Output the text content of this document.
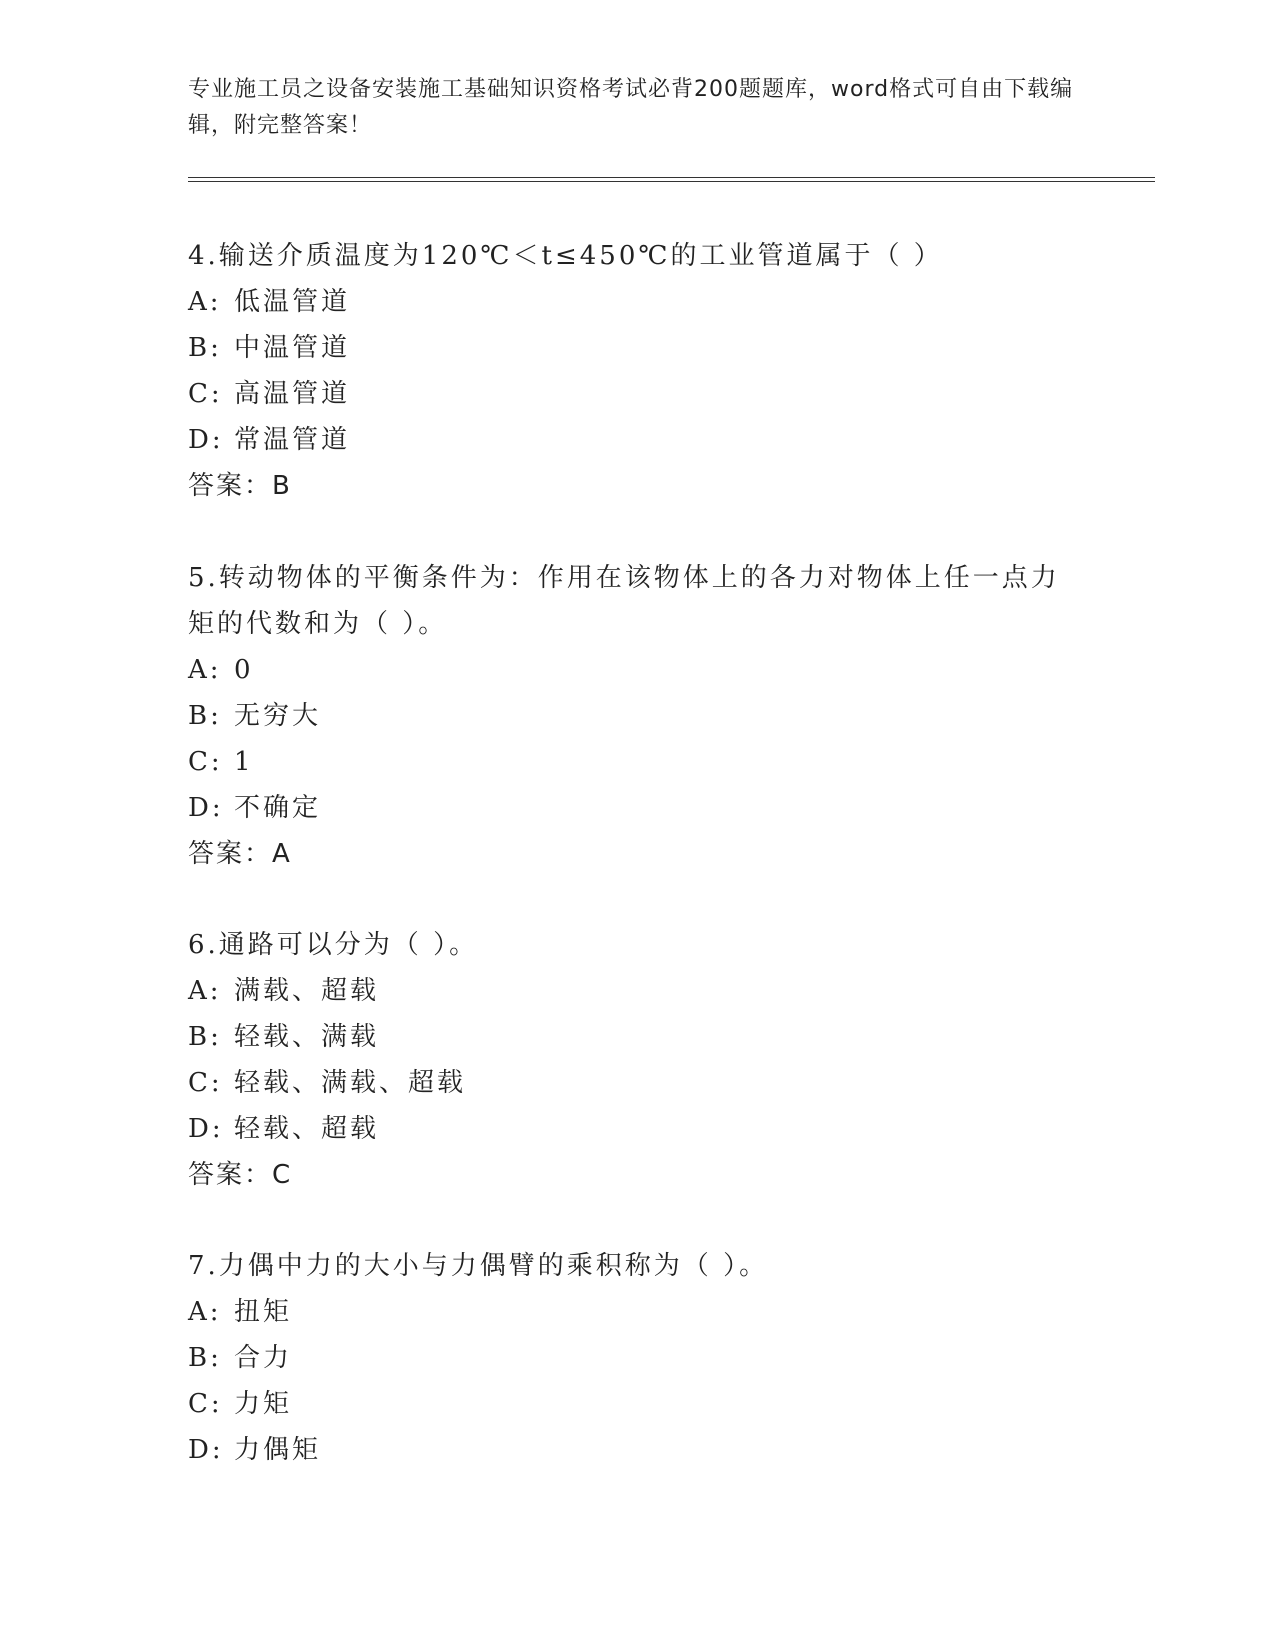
专业施工员之设备安装施工基础知识资格考试必背200题题库，word格式可自由下载编辑，附完整答案！

4.输送介质温度为120℃＜t≤450℃的工业管道属于（ ）

A: 低温管道
B: 中温管道
C: 高温管道
D: 常温管道

答案：B

5.转动物体的平衡条件为：作用在该物体上的各力对物体上任一点力矩的代数和为（ ）。

A: 0
B: 无穷大
C: 1
D: 不确定

答案：A

6.通路可以分为（ ）。

A: 满载、超载
B: 轻载、满载
C: 轻载、满载、超载
D: 轻载、超载

答案：C

7.力偶中力的大小与力偶臂的乘积称为（ ）。

A: 扭矩
B: 合力
C: 力矩
D: 力偶矩
